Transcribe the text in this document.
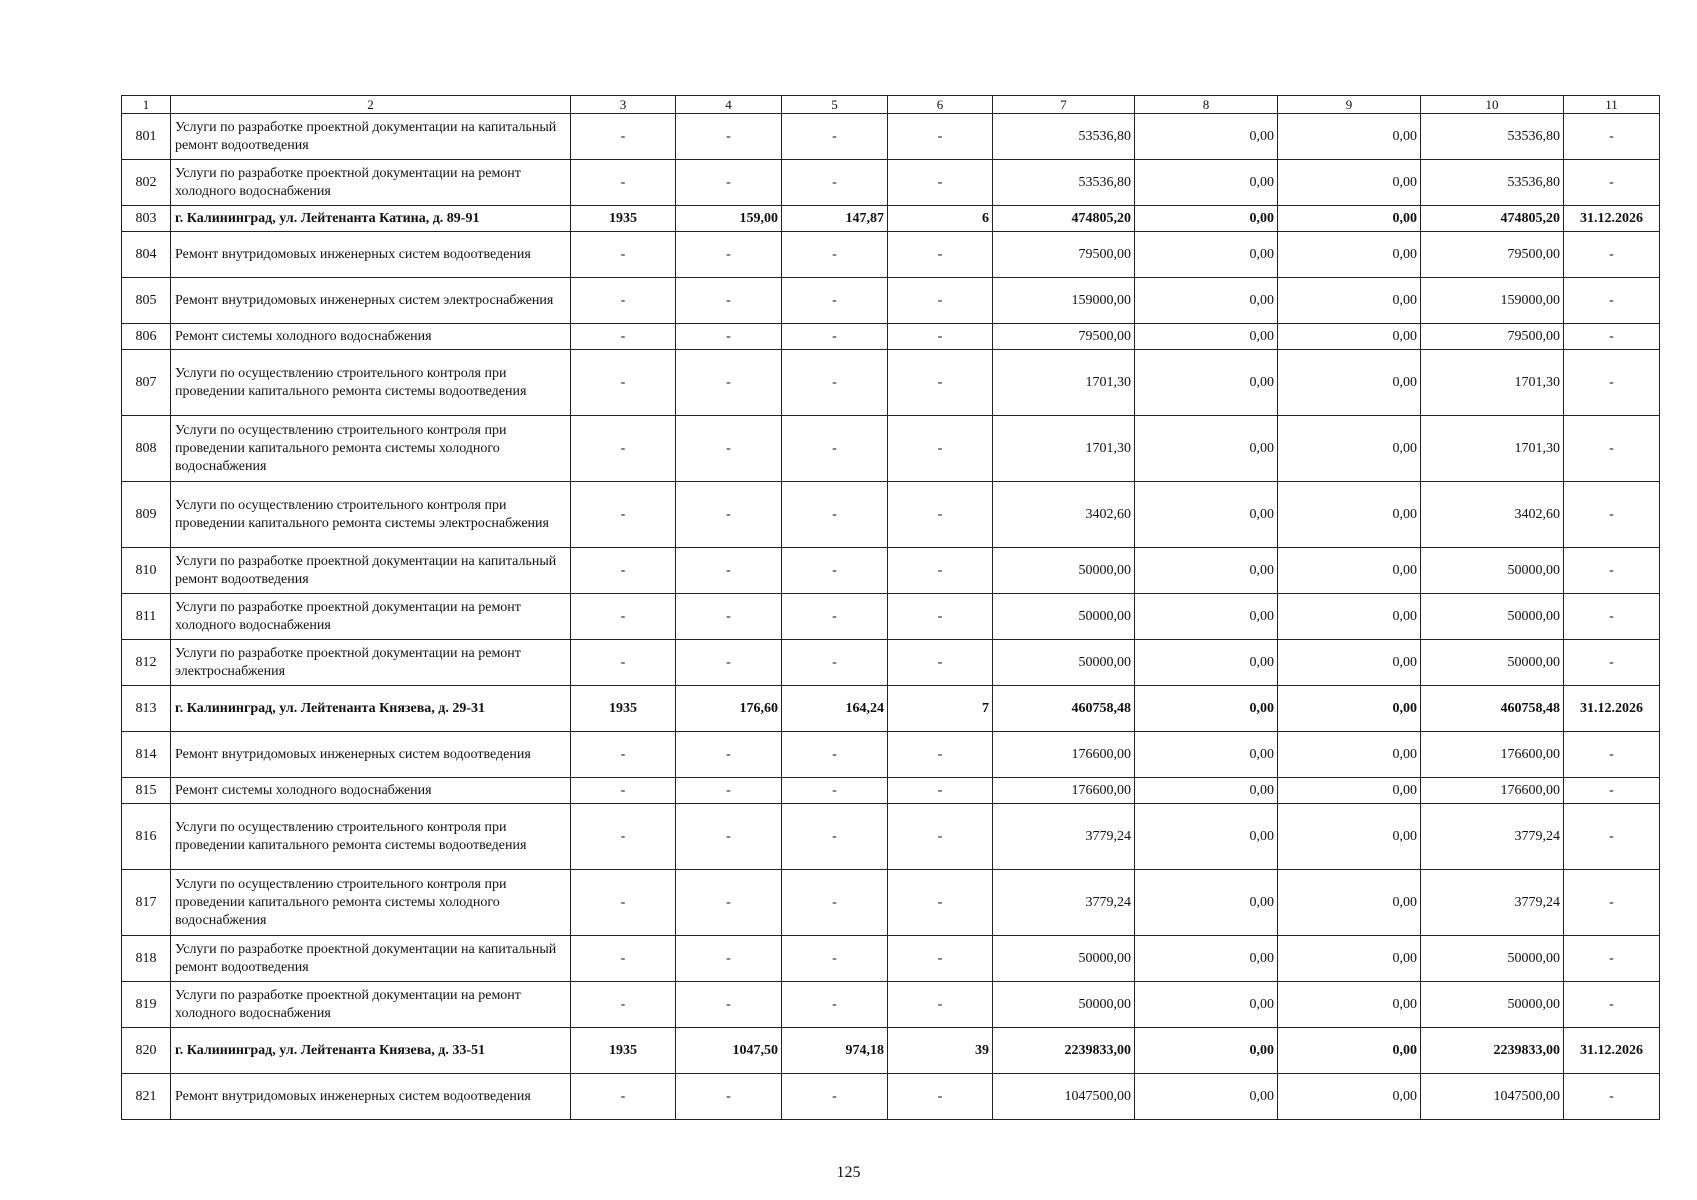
1	2	3	4	5	6	7	8	9	10	11
801	Услуги по разработке проектной документации на капитальный ремонт водоотведения	-	-	-	-	53536,80	0,00	0,00	53536,80	-
802	Услуги по разработке проектной документации на ремонт холодного водоснабжения	-	-	-	-	53536,80	0,00	0,00	53536,80	-
803	г. Калининград, ул. Лейтенанта Катина, д. 89-91	1935	159,00	147,87	6	474805,20	0,00	0,00	474805,20	31.12.2026
804	Ремонт внутридомовых инженерных систем водоотведения	-	-	-	-	79500,00	0,00	0,00	79500,00	-
805	Ремонт внутридомовых инженерных систем электроснабжения	-	-	-	-	159000,00	0,00	0,00	159000,00	-
806	Ремонт системы холодного водоснабжения	-	-	-	-	79500,00	0,00	0,00	79500,00	-
807	Услуги по осуществлению строительного контроля при проведении капитального ремонта системы водоотведения	-	-	-	-	1701,30	0,00	0,00	1701,30	-
808	Услуги по осуществлению строительного контроля при проведении капитального ремонта системы холодного водоснабжения	-	-	-	-	1701,30	0,00	0,00	1701,30	-
809	Услуги по осуществлению строительного контроля при проведении капитального ремонта системы электроснабжения	-	-	-	-	3402,60	0,00	0,00	3402,60	-
810	Услуги по разработке проектной документации на капитальный ремонт водоотведения	-	-	-	-	50000,00	0,00	0,00	50000,00	-
811	Услуги по разработке проектной документации на ремонт холодного водоснабжения	-	-	-	-	50000,00	0,00	0,00	50000,00	-
812	Услуги по разработке проектной документации на ремонт электроснабжения	-	-	-	-	50000,00	0,00	0,00	50000,00	-
813	г. Калининград, ул. Лейтенанта Князева, д. 29-31	1935	176,60	164,24	7	460758,48	0,00	0,00	460758,48	31.12.2026
814	Ремонт внутридомовых инженерных систем водоотведения	-	-	-	-	176600,00	0,00	0,00	176600,00	-
815	Ремонт системы холодного водоснабжения	-	-	-	-	176600,00	0,00	0,00	176600,00	-
816	Услуги по осуществлению строительного контроля при проведении капитального ремонта системы водоотведения	-	-	-	-	3779,24	0,00	0,00	3779,24	-
817	Услуги по осуществлению строительного контроля при проведении капитального ремонта системы холодного водоснабжения	-	-	-	-	3779,24	0,00	0,00	3779,24	-
818	Услуги по разработке проектной документации на капитальный ремонт водоотведения	-	-	-	-	50000,00	0,00	0,00	50000,00	-
819	Услуги по разработке проектной документации на ремонт холодного водоснабжения	-	-	-	-	50000,00	0,00	0,00	50000,00	-
820	г. Калининград, ул. Лейтенанта Князева, д. 33-51	1935	1047,50	974,18	39	2239833,00	0,00	0,00	2239833,00	31.12.2026
821	Ремонт внутридомовых инженерных систем водоотведения	-	-	-	-	1047500,00	0,00	0,00	1047500,00	-
125
